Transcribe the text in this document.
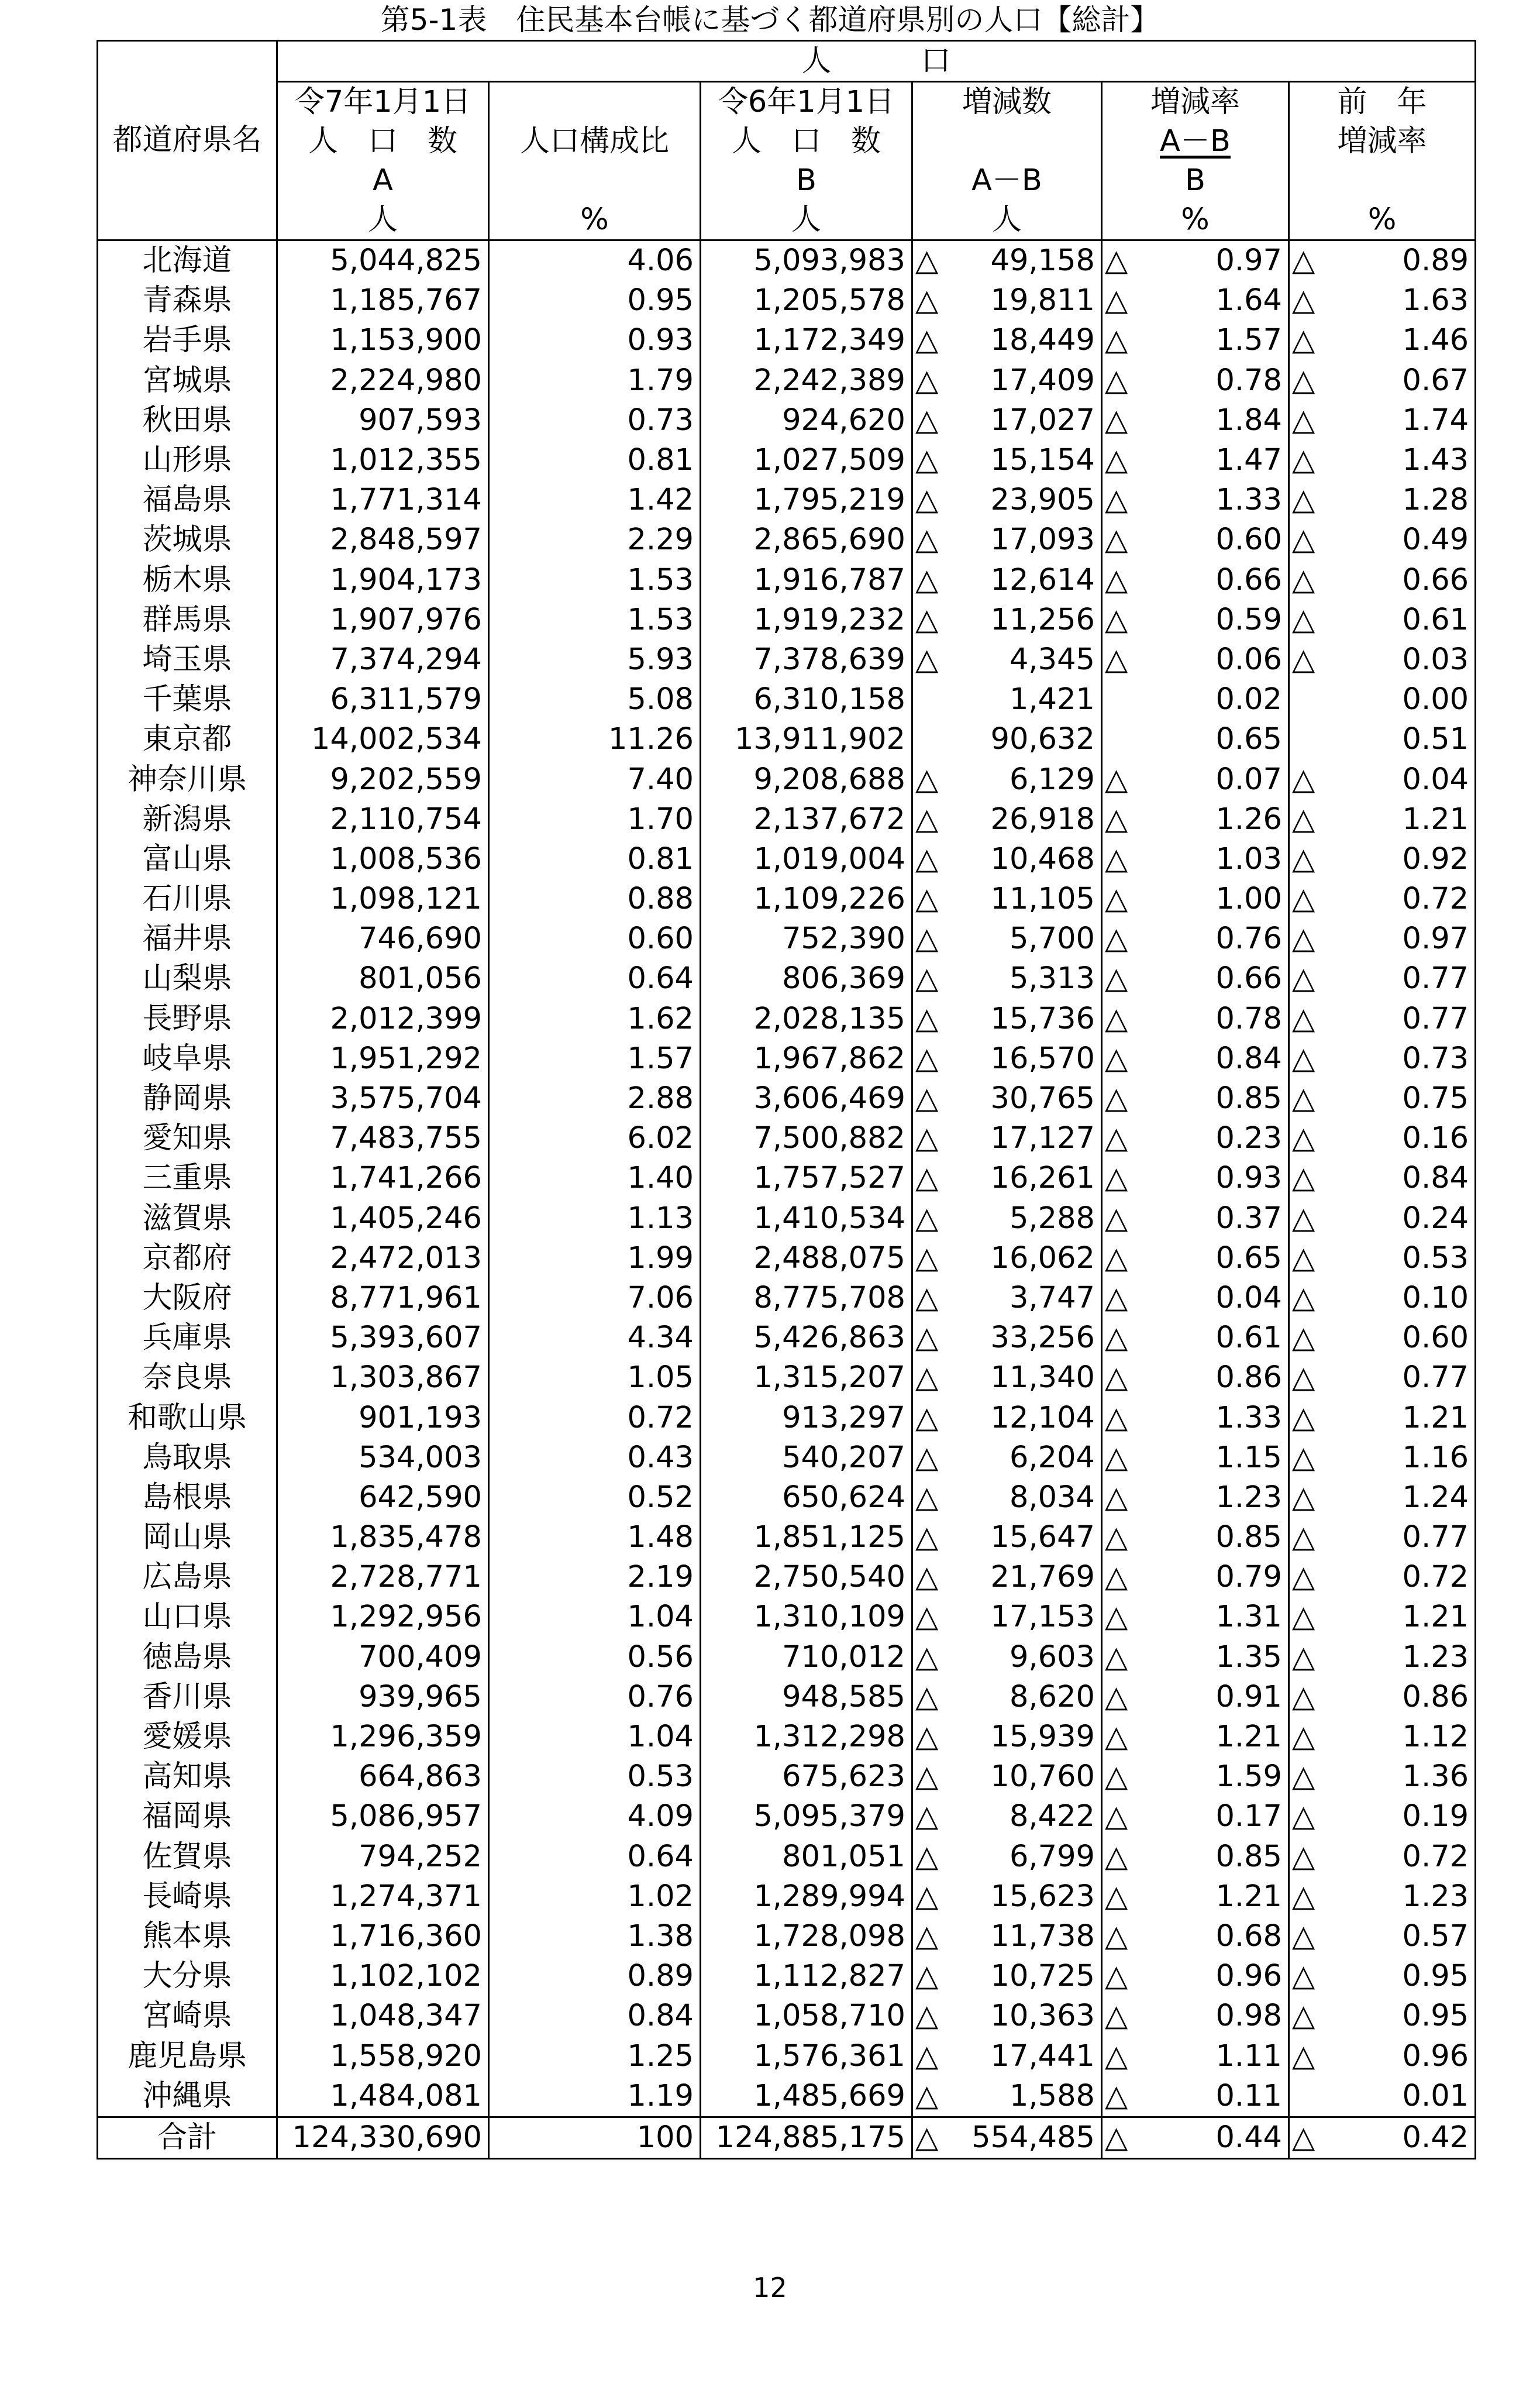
第5-1表　住民基本台帳に基づく都道府県別の人口【総計】
都道府県名	人　　　口								
	令7年1月1日	人口構成比	令6年1月1日	増減数		増減率		前　年	
	人　口　数		人　口　数			A－B		増減率	
	A		B	A－B		B			
	人	%	人	人		%		%	
北海道	5,044,825	4.06	5,093,983	△	49,158	△	0.97	△	0.89
青森県	1,185,767	0.95	1,205,578	△	19,811	△	1.64	△	1.63
岩手県	1,153,900	0.93	1,172,349	△	18,449	△	1.57	△	1.46
宮城県	2,224,980	1.79	2,242,389	△	17,409	△	0.78	△	0.67
秋田県	907,593	0.73	924,620	△	17,027	△	1.84	△	1.74
山形県	1,012,355	0.81	1,027,509	△	15,154	△	1.47	△	1.43
福島県	1,771,314	1.42	1,795,219	△	23,905	△	1.33	△	1.28
茨城県	2,848,597	2.29	2,865,690	△	17,093	△	0.60	△	0.49
栃木県	1,904,173	1.53	1,916,787	△	12,614	△	0.66	△	0.66
群馬県	1,907,976	1.53	1,919,232	△	11,256	△	0.59	△	0.61
埼玉県	7,374,294	5.93	7,378,639	△	4,345	△	0.06	△	0.03
千葉県	6,311,579	5.08	6,310,158		1,421		0.02		0.00
東京都	14,002,534	11.26	13,911,902		90,632		0.65		0.51
神奈川県	9,202,559	7.40	9,208,688	△	6,129	△	0.07	△	0.04
新潟県	2,110,754	1.70	2,137,672	△	26,918	△	1.26	△	1.21
富山県	1,008,536	0.81	1,019,004	△	10,468	△	1.03	△	0.92
石川県	1,098,121	0.88	1,109,226	△	11,105	△	1.00	△	0.72
福井県	746,690	0.60	752,390	△	5,700	△	0.76	△	0.97
山梨県	801,056	0.64	806,369	△	5,313	△	0.66	△	0.77
長野県	2,012,399	1.62	2,028,135	△	15,736	△	0.78	△	0.77
岐阜県	1,951,292	1.57	1,967,862	△	16,570	△	0.84	△	0.73
静岡県	3,575,704	2.88	3,606,469	△	30,765	△	0.85	△	0.75
愛知県	7,483,755	6.02	7,500,882	△	17,127	△	0.23	△	0.16
三重県	1,741,266	1.40	1,757,527	△	16,261	△	0.93	△	0.84
滋賀県	1,405,246	1.13	1,410,534	△	5,288	△	0.37	△	0.24
京都府	2,472,013	1.99	2,488,075	△	16,062	△	0.65	△	0.53
大阪府	8,771,961	7.06	8,775,708	△	3,747	△	0.04	△	0.10
兵庫県	5,393,607	4.34	5,426,863	△	33,256	△	0.61	△	0.60
奈良県	1,303,867	1.05	1,315,207	△	11,340	△	0.86	△	0.77
和歌山県	901,193	0.72	913,297	△	12,104	△	1.33	△	1.21
鳥取県	534,003	0.43	540,207	△	6,204	△	1.15	△	1.16
島根県	642,590	0.52	650,624	△	8,034	△	1.23	△	1.24
岡山県	1,835,478	1.48	1,851,125	△	15,647	△	0.85	△	0.77
広島県	2,728,771	2.19	2,750,540	△	21,769	△	0.79	△	0.72
山口県	1,292,956	1.04	1,310,109	△	17,153	△	1.31	△	1.21
徳島県	700,409	0.56	710,012	△	9,603	△	1.35	△	1.23
香川県	939,965	0.76	948,585	△	8,620	△	0.91	△	0.86
愛媛県	1,296,359	1.04	1,312,298	△	15,939	△	1.21	△	1.12
高知県	664,863	0.53	675,623	△	10,760	△	1.59	△	1.36
福岡県	5,086,957	4.09	5,095,379	△	8,422	△	0.17	△	0.19
佐賀県	794,252	0.64	801,051	△	6,799	△	0.85	△	0.72
長崎県	1,274,371	1.02	1,289,994	△	15,623	△	1.21	△	1.23
熊本県	1,716,360	1.38	1,728,098	△	11,738	△	0.68	△	0.57
大分県	1,102,102	0.89	1,112,827	△	10,725	△	0.96	△	0.95
宮崎県	1,048,347	0.84	1,058,710	△	10,363	△	0.98	△	0.95
鹿児島県	1,558,920	1.25	1,576,361	△	17,441	△	1.11	△	0.96
沖縄県	1,484,081	1.19	1,485,669	△	1,588	△	0.11		0.01
合計	124,330,690	100	124,885,175	△	554,485	△	0.44	△	0.42
12
